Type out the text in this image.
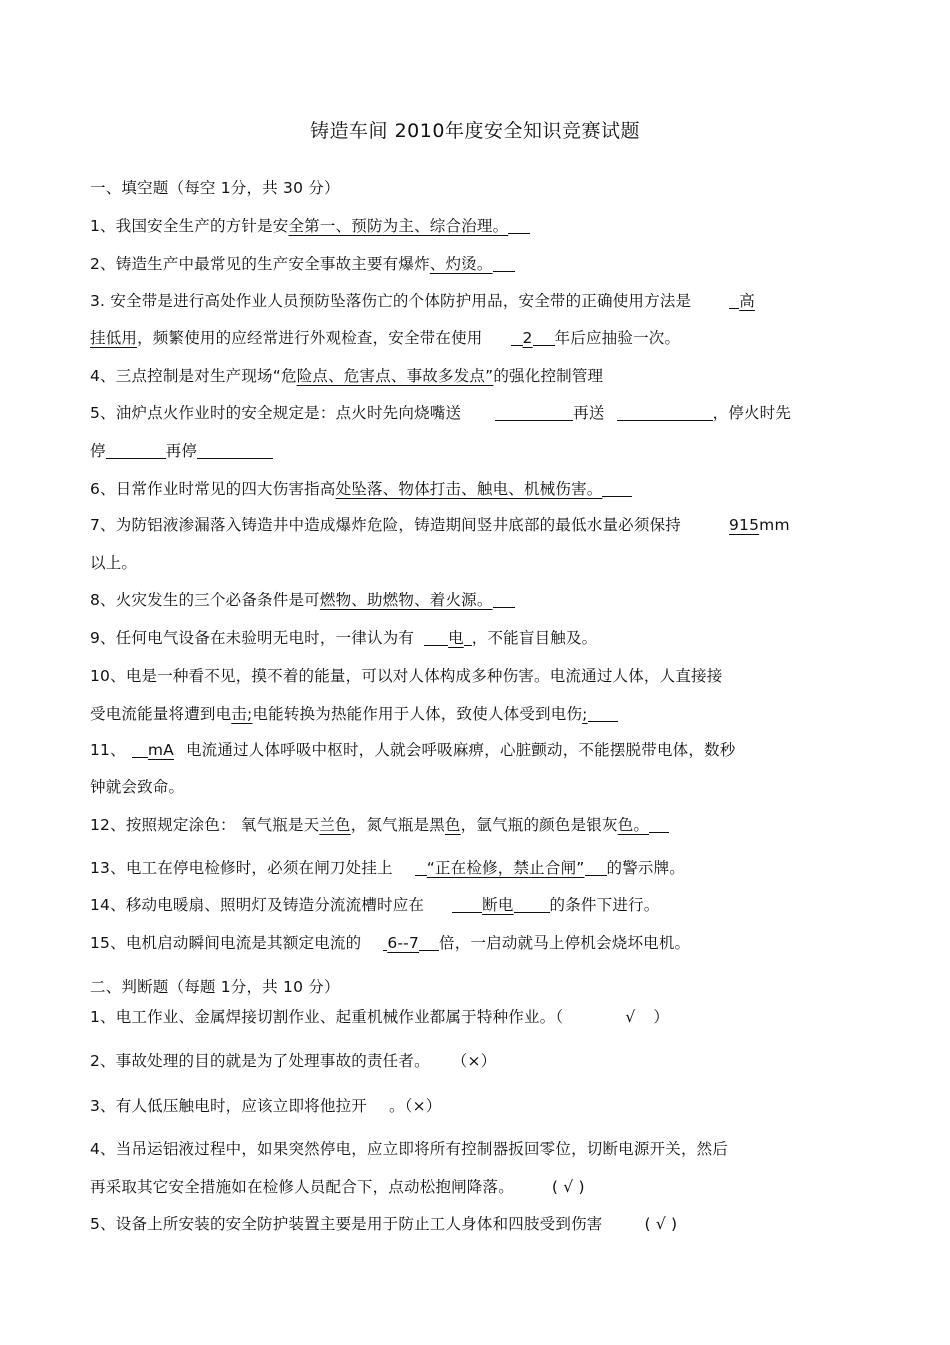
铸造车间 2010年度安全知识竞赛试题
一、填空题（每空 1分，共 30 分）
1、我国安全生产的方针是安全第一、预防为主、综合治理。
2、铸造生产中最常见的生产安全事故主要有爆炸、灼烫。
3. 安全带是进行高处作业人员预防坠落伤亡的个体防护用品，安全带的正确使用方法是	高
挂低用，频繁使用的应经常进行外观检查，安全带在使用	2 年后应抽验一次。
4、三点控制是对生产现场“危险点、危害点、事故多发点”的强化控制管理
5、油炉点火作业时的安全规定是：点火时先向烧嘴送	再送	，停火时先
停	再停
6、日常作业时常见的四大伤害指高处坠落、物体打击、触电、机械伤害。
7、为防铝液渗漏落入铸造井中造成爆炸危险，铸造期间竖井底部的最低水量必须保持	915mm
以上。
8、火灾发生的三个必备条件是可燃物、助燃物、着火源。
9、任何电气设备在未验明无电时，一律认为有 电 ，不能盲目触及。
10、电是一种看不见，摸不着的能量，可以对人体构成多种伤害。电流通过人体，人直接接
受电流能量将遭到电击;电能转换为热能作用于人体，致使人体受到电伤;
11、 mA 电流通过人体呼吸中枢时，人就会呼吸麻痹，心脏颤动，不能摆脱带电体，数秒
钟就会致命。
12、按照规定涂色： 氧气瓶是天兰色，氮气瓶是黑色，氩气瓶的颜色是银灰色。
13、电工在停电检修时，必须在闸刀处挂上 “正在检修，禁止合闸” 的警示牌。
14、移动电暖扇、照明灯及铸造分流流槽时应在	断电 的条件下进行。
15、电机启动瞬间电流是其额定电流的 6--7 倍，一启动就马上停机会烧坏电机。
二、判断题（每题 1分，共 10 分）
1、电工作业、金属焊接切割作业、起重机械作业都属于特种作业。（	√ ）
2、事故处理的目的就是为了处理事故的责任者。 （×）
3、有人低压触电时，应该立即将他拉开 。（×）
4、当吊运铝液过程中，如果突然停电，应立即将所有控制器扳回零位，切断电源开关，然后
再采取其它安全措施如在检修人员配合下，点动松抱闸降落。 ( √ )
5、设备上所安装的安全防护装置主要是用于防止工人身体和四肢受到伤害	( √ )
